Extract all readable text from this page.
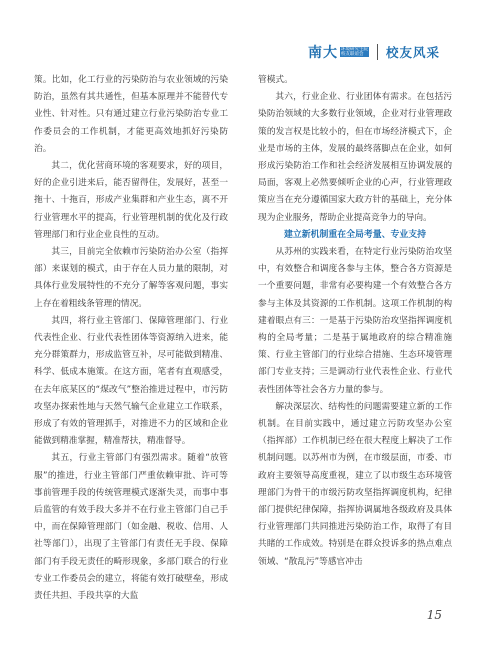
南大 环境研究生院
校友联谊会	校友风采

策。比如，化工行业的污染防治与农业领域的污染防治，虽然有其共通性，但基本原理并不能替代专业性、针对性。只有通过建立行业污染防治专业工作委员会的工作机制，才能更高效地抓好污染防治。

其二，优化营商环境的客观要求，好的项目，好的企业引进来后，能否留得住，发展好，甚至一拖十、十拖百，形成产业集群和产业生态，离不开行业管理水平的提高，行业管理机制的优化及行政管理部门和行业企业良性的互动。

其三，目前完全依赖市污染防治办公室（指挥部）来谋划的模式，由于存在人员力量的限制，对具体行业发展特性的不充分了解等客观问题，事实上存在着粗线条管理的情况。

其四，将行业主管部门、保障管理部门、行业代表性企业、行业代表性团体等资源纳入进来，能充分群策群力，形成监管互补，尽可能做到精准、科学、低成本施策。在这方面，笔者有直观感受，在去年底某区的“煤改气”整治推进过程中，市污防攻坚办探索性地与天然气输气企业建立工作联系，形成了有效的管理抓手，对推进不力的区域和企业能做到精准掌握，精准帮扶，精准督导。

其五，行业主管部门有强烈需求。随着“放管服”的推进，行业主管部门严重依赖审批、许可等事前管理手段的传统管理模式逐渐失灵，而事中事后监管的有效手段大多并不在行业主管部门自己手中，而在保障管理部门（如金融、税收、信用、人社等部门），出现了主管部门有责任无手段、保障部门有手段无责任的畸形现象，多部门联合的行业专业工作委员会的建立，将能有效打破壁垒，形成责任共担、手段共享的大监

管模式。

其六，行业企业、行业团体有需求。在包括污染防治领域的大多数行业领域，企业对行业管理政策的发言权是比较小的，但在市场经济模式下，企业是市场的主体，发展的最终落脚点在企业，如何形成污染防治工作和社会经济发展相互协调发展的局面，客观上必然要倾听企业的心声，行业管理政策应当在充分遵循国家大政方针的基础上，充分体现为企业服务，帮助企业提高竞争力的导向。

建立新机制重在全局考量、专业支持

从苏州的实践来看，在特定行业污染防治攻坚中，有效整合和调度各参与主体，整合各方资源是一个重要问题，非常有必要构建一个有效整合各方参与主体及其资源的工作机制。这项工作机制的构建着眼点有三：一是基于污染防治攻坚指挥调度机构的全局考量；二是基于属地政府的综合精准施策、行业主管部门的行业综合措施、生态环境管理部门专业支持；三是调动行业代表性企业、行业代表性团体等社会各方力量的参与。

解决深层次、结构性的问题需要建立新的工作机制。在目前实践中，通过建立污防攻坚办公室（指挥部）工作机制已经在很大程度上解决了工作机制问题。以苏州市为例，在市级层面，市委、市政府主要领导高度重视，建立了以市级生态环境管理部门为骨干的市级污防攻坚指挥调度机构，纪律部门提供纪律保障，指挥协调属地各级政府及具体行业管理部门共同推进污染防治工作，取得了有目共睹的工作成效。特别是在群众投诉多的热点难点领域、“散乱污”等感官冲击

15
